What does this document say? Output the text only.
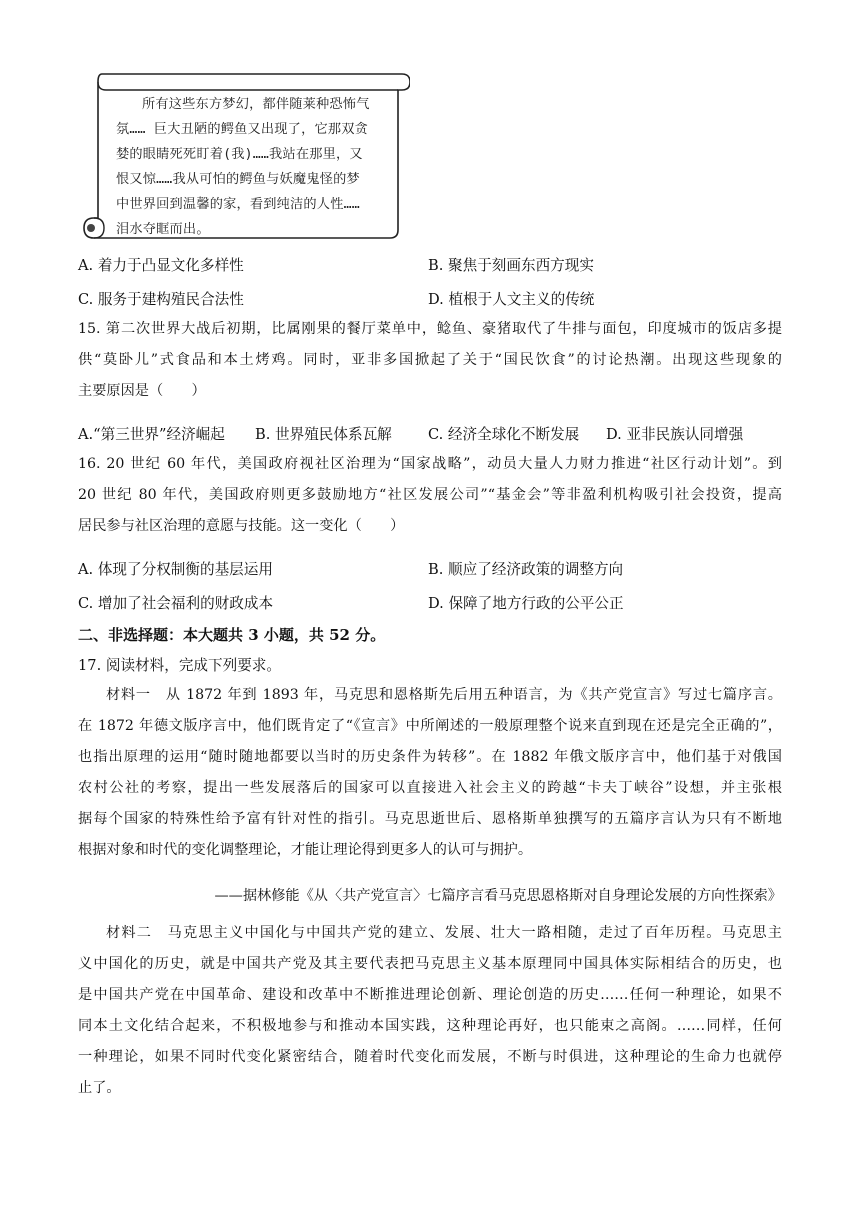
所有这些东方梦幻，都伴随莱种恐怖气

氛…… 巨大丑陋的鳄鱼又出现了，它那双贪

婪的眼睛死死盯着(我)……我站在那里，又

恨又惊……我从可怕的鳄鱼与妖魔鬼怪的梦

中世界回到温馨的家，看到纯洁的人性……

泪水夺眶而出。

A. 着力于凸显文化多样性	B. 聚焦于刻画东西方现实
C. 服务于建构殖民合法性	D. 植根于人文主义的传统
15. 第二次世界大战后初期，比属刚果的餐厅菜单中，鲶鱼、豪猪取代了牛排与面包，印度城市的饭店多提
供“莫卧儿”式食品和本土烤鸡。同时，亚非多国掀起了关于“国民饮食”的讨论热潮。出现这些现象的
主要原因是（　　）
A.“第三世界”经济崛起 B. 世界殖民体系瓦解 C. 经济全球化不断发展 D. 亚非民族认同增强
16. 20 世纪 60 年代，美国政府视社区治理为“国家战略”，动员大量人力财力推进“社区行动计划”。到
20 世纪 80 年代，美国政府则更多鼓励地方“社区发展公司”“基金会”等非盈利机构吸引社会投资，提高
居民参与社区治理的意愿与技能。这一变化（　　）
A. 体现了分权制衡的基层运用	B. 顺应了经济政策的调整方向
C. 增加了社会福利的财政成本	D. 保障了地方行政的公平公正
二、非选择题：本大题共 3 小题，共 52 分。
17. 阅读材料，完成下列要求。
材料一　从 1872 年到 1893 年，马克思和恩格斯先后用五种语言，为《共产党宣言》写过七篇序言。
在 1872 年德文版序言中，他们既肯定了“《宣言》中所阐述的一般原理整个说来直到现在还是完全正确的”，
也指出原理的运用“随时随地都要以当时的历史条件为转移”。在 1882 年俄文版序言中，他们基于对俄国
农村公社的考察，提出一些发展落后的国家可以直接进入社会主义的跨越“卡夫丁峡谷”设想，并主张根
据每个国家的特殊性给予富有针对性的指引。马克思逝世后、恩格斯单独撰写的五篇序言认为只有不断地
根据对象和时代的变化调整理论，才能让理论得到更多人的认可与拥护。
——据林修能《从〈共产党宣言〉七篇序言看马克思恩格斯对自身理论发展的方向性探索》
材料二　马克思主义中国化与中国共产党的建立、发展、壮大一路相随，走过了百年历程。马克思主
义中国化的历史，就是中国共产党及其主要代表把马克思主义基本原理同中国具体实际相结合的历史，也
是中国共产党在中国革命、建设和改革中不断推进理论创新、理论创造的历史……任何一种理论，如果不
同本土文化结合起来，不积极地参与和推动本国实践，这种理论再好，也只能束之高阁。……同样，任何
一种理论，如果不同时代变化紧密结合，随着时代变化而发展，不断与时俱进，这种理论的生命力也就停
止了。
